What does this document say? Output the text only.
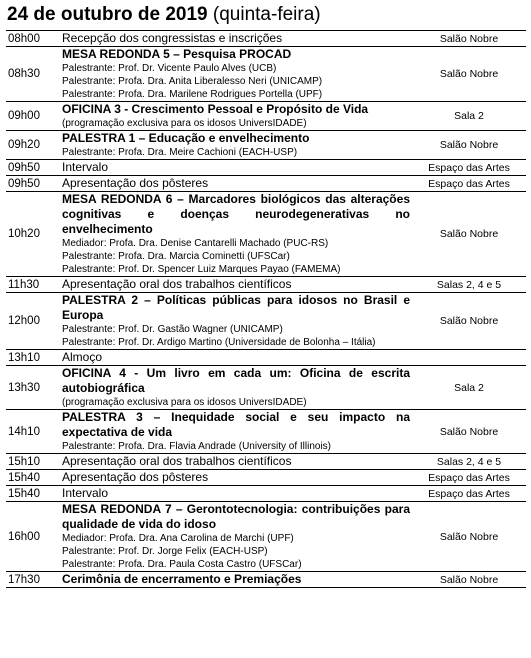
24 de outubro de 2019 (quinta-feira)
08h00	Recepção dos congressistas e inscrições	Salão Nobre
08h30	MESA REDONDA 5 – Pesquisa PROCAD
Palestrante: Prof. Dr. Vicente Paulo Alves (UCB)
Palestrante: Profa. Dra. Anita Liberalesso Neri (UNICAMP)
Palestrante: Profa. Dra. Marilene Rodrigues Portella (UPF)	Salão Nobre
09h00	OFICINA 3 - Crescimento Pessoal e Propósito de Vida
(programação exclusiva para os idosos UniversIDADE)	Sala 2
09h20	PALESTRA 1 – Educação e envelhecimento
Palestrante: Profa. Dra. Meire Cachioni (EACH-USP)	Salão Nobre
09h50	Intervalo	Espaço das Artes
09h50	Apresentação dos pôsteres	Espaço das Artes
10h20	MESA REDONDA 6 – Marcadores biológicos das alterações cognitivas e doenças neurodegenerativas no envelhecimento
Mediador: Profa. Dra. Denise Cantarelli Machado (PUC-RS)
Palestrante: Profa. Dra. Marcia Cominetti (UFSCar)
Palestrante: Prof. Dr. Spencer Luiz Marques Payao (FAMEMA)	Salão Nobre
11h30	Apresentação oral dos trabalhos científicos	Salas 2, 4 e 5
12h00	PALESTRA 2 – Políticas públicas para idosos no Brasil e Europa
Palestrante: Prof. Dr. Gastão Wagner (UNICAMP)
Palestrante: Prof. Dr. Ardigo Martino (Universidade de Bolonha – Itália)	Salão Nobre
13h10	Almoço	

13h30	OFICINA 4 - Um livro em cada um: Oficina de escrita autobiográfica
(programação exclusiva para os idosos UniversIDADE)	Sala 2
14h10	PALESTRA 3 – Inequidade social e seu impacto na expectativa de vida
Palestrante: Profa. Dra. Flavia Andrade (University of Illinois)	Salão Nobre
15h10	Apresentação oral dos trabalhos científicos	Salas 2, 4 e 5
15h40	Apresentação dos pôsteres	Espaço das Artes
15h40	Intervalo	Espaço das Artes
16h00	MESA REDONDA 7 – Gerontotecnologia: contribuições para qualidade de vida do idoso
Mediador: Profa. Dra. Ana Carolina de Marchi (UPF)
Palestrante: Prof. Dr. Jorge Felix (EACH-USP)
Palestrante: Profa. Dra. Paula Costa Castro (UFSCar)	Salão Nobre
17h30	Cerimônia de encerramento e Premiações	Salão Nobre
